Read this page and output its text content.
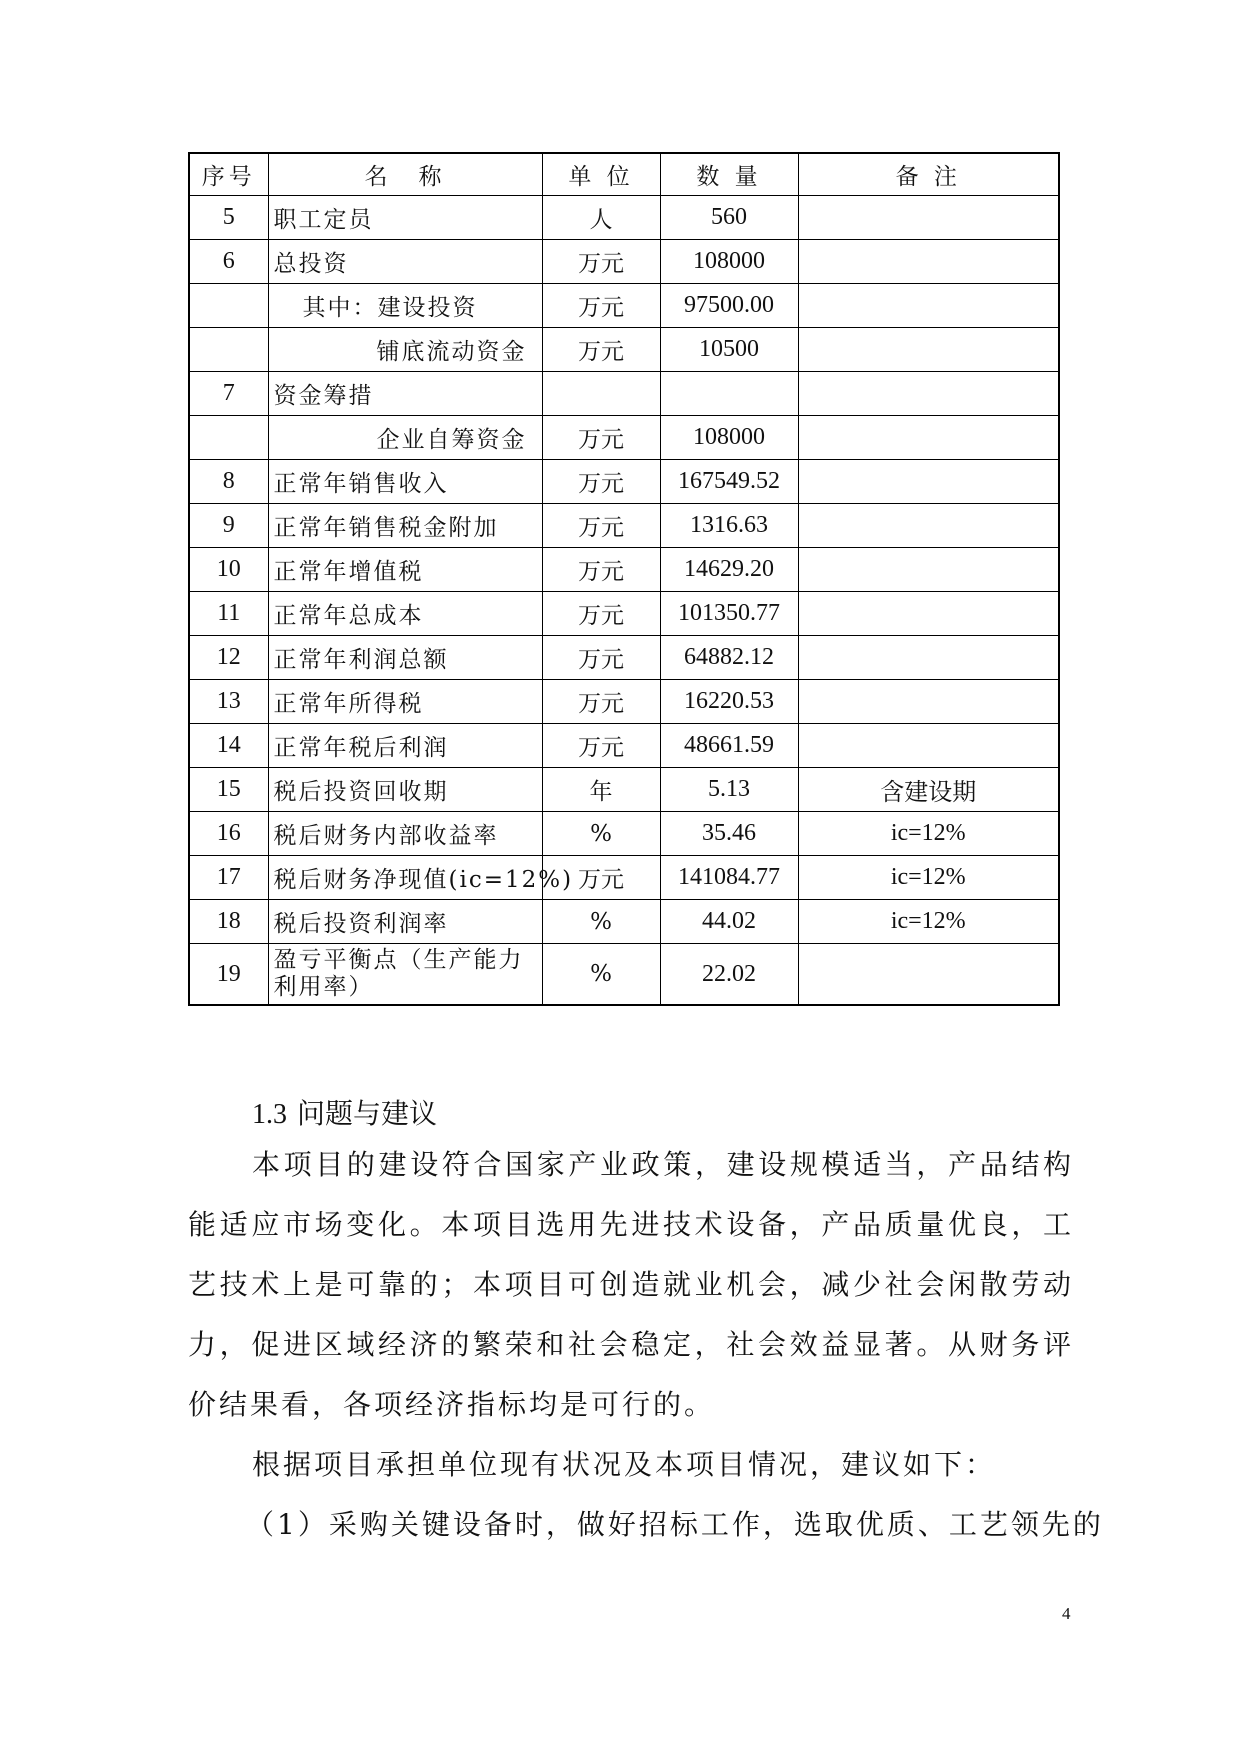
序号	名　称	单 位	数 量	备 注
5	职工定员	人	560	
6	总投资	万元	108000	
	其中：建设投资	万元	97500.00	
	铺底流动资金	万元	10500	
7	资金筹措			
	企业自筹资金	万元	108000	
8	正常年销售收入	万元	167549.52	
9	正常年销售税金附加	万元	1316.63	
10	正常年增值税	万元	14629.20	
11	正常年总成本	万元	101350.77	
12	正常年利润总额	万元	64882.12	
13	正常年所得税	万元	16220.53	
14	正常年税后利润	万元	48661.59	
15	税后投资回收期	年	5.13	含建设期
16	税后财务内部收益率	%	35.46	ic=12%
17	税后财务净现值(ic=12%)	万元	141084.77	ic=12%
18	税后投资利润率	%	44.02	ic=12%
19	盈亏平衡点（生产能力利用率）	%	22.02	
1.3 问题与建议

本项目的建设符合国家产业政策，建设规模适当，产品结构能适应市场变化。本项目选用先进技术设备，产品质量优良，工艺技术上是可靠的；本项目可创造就业机会，减少社会闲散劳动力，促进区域经济的繁荣和社会稳定，社会效益显著。从财务评价结果看，各项经济指标均是可行的。

根据项目承担单位现有状况及本项目情况，建议如下：

（1）采购关键设备时，做好招标工作，选取优质、工艺领先的

4
